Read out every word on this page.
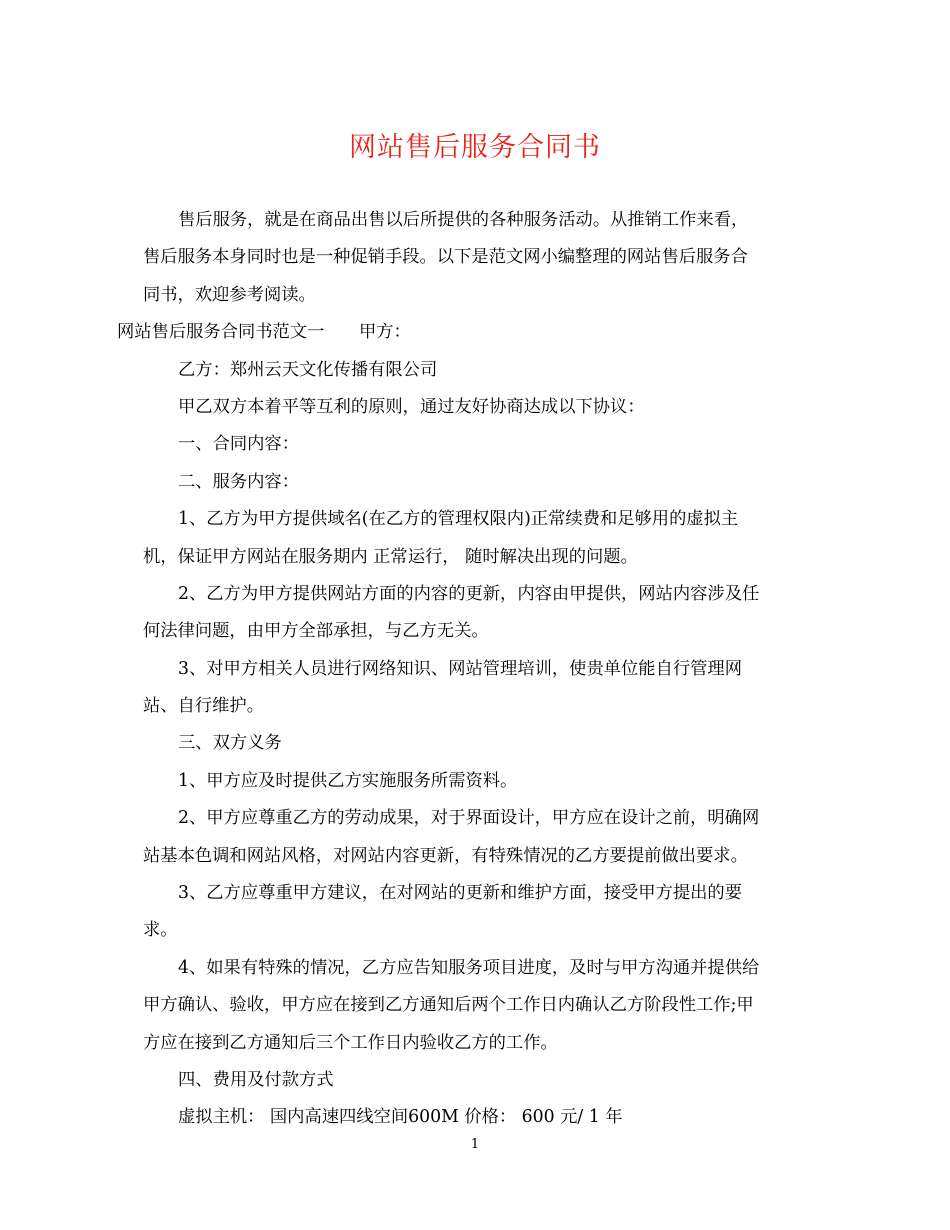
网站售后服务合同书
售后服务，就是在商品出售以后所提供的各种服务活动。从推销工作来看，
售后服务本身同时也是一种促销手段。以下是范文网小编整理的网站售后服务合
同书，欢迎参考阅读。
网站售后服务合同书范文一　　甲方：
乙方：郑州云天文化传播有限公司
甲乙双方本着平等互利的原则，通过友好协商达成以下协议：
一、合同内容：
二、服务内容：
1、乙方为甲方提供域名(在乙方的管理权限内)正常续费和足够用的虚拟主
机，保证甲方网站在服务期内 正常运行， 随时解决出现的问题。
2、乙方为甲方提供网站方面的内容的更新，内容由甲提供，网站内容涉及任
何法律问题，由甲方全部承担，与乙方无关。
3、对甲方相关人员进行网络知识、网站管理培训，使贵单位能自行管理网
站、自行维护。
三、双方义务
1、甲方应及时提供乙方实施服务所需资料。
2、甲方应尊重乙方的劳动成果，对于界面设计，甲方应在设计之前，明确网
站基本色调和网站风格，对网站内容更新，有特殊情况的乙方要提前做出要求。
3、乙方应尊重甲方建议，在对网站的更新和维护方面，接受甲方提出的要
求。
4、如果有特殊的情况，乙方应告知服务项目进度，及时与甲方沟通并提供给
甲方确认、验收，甲方应在接到乙方通知后两个工作日内确认乙方阶段性工作;甲
方应在接到乙方通知后三个工作日内验收乙方的工作。
四、费用及付款方式
虚拟主机： 国内高速四线空间600M 价格： 600 元/ 1 年
1
